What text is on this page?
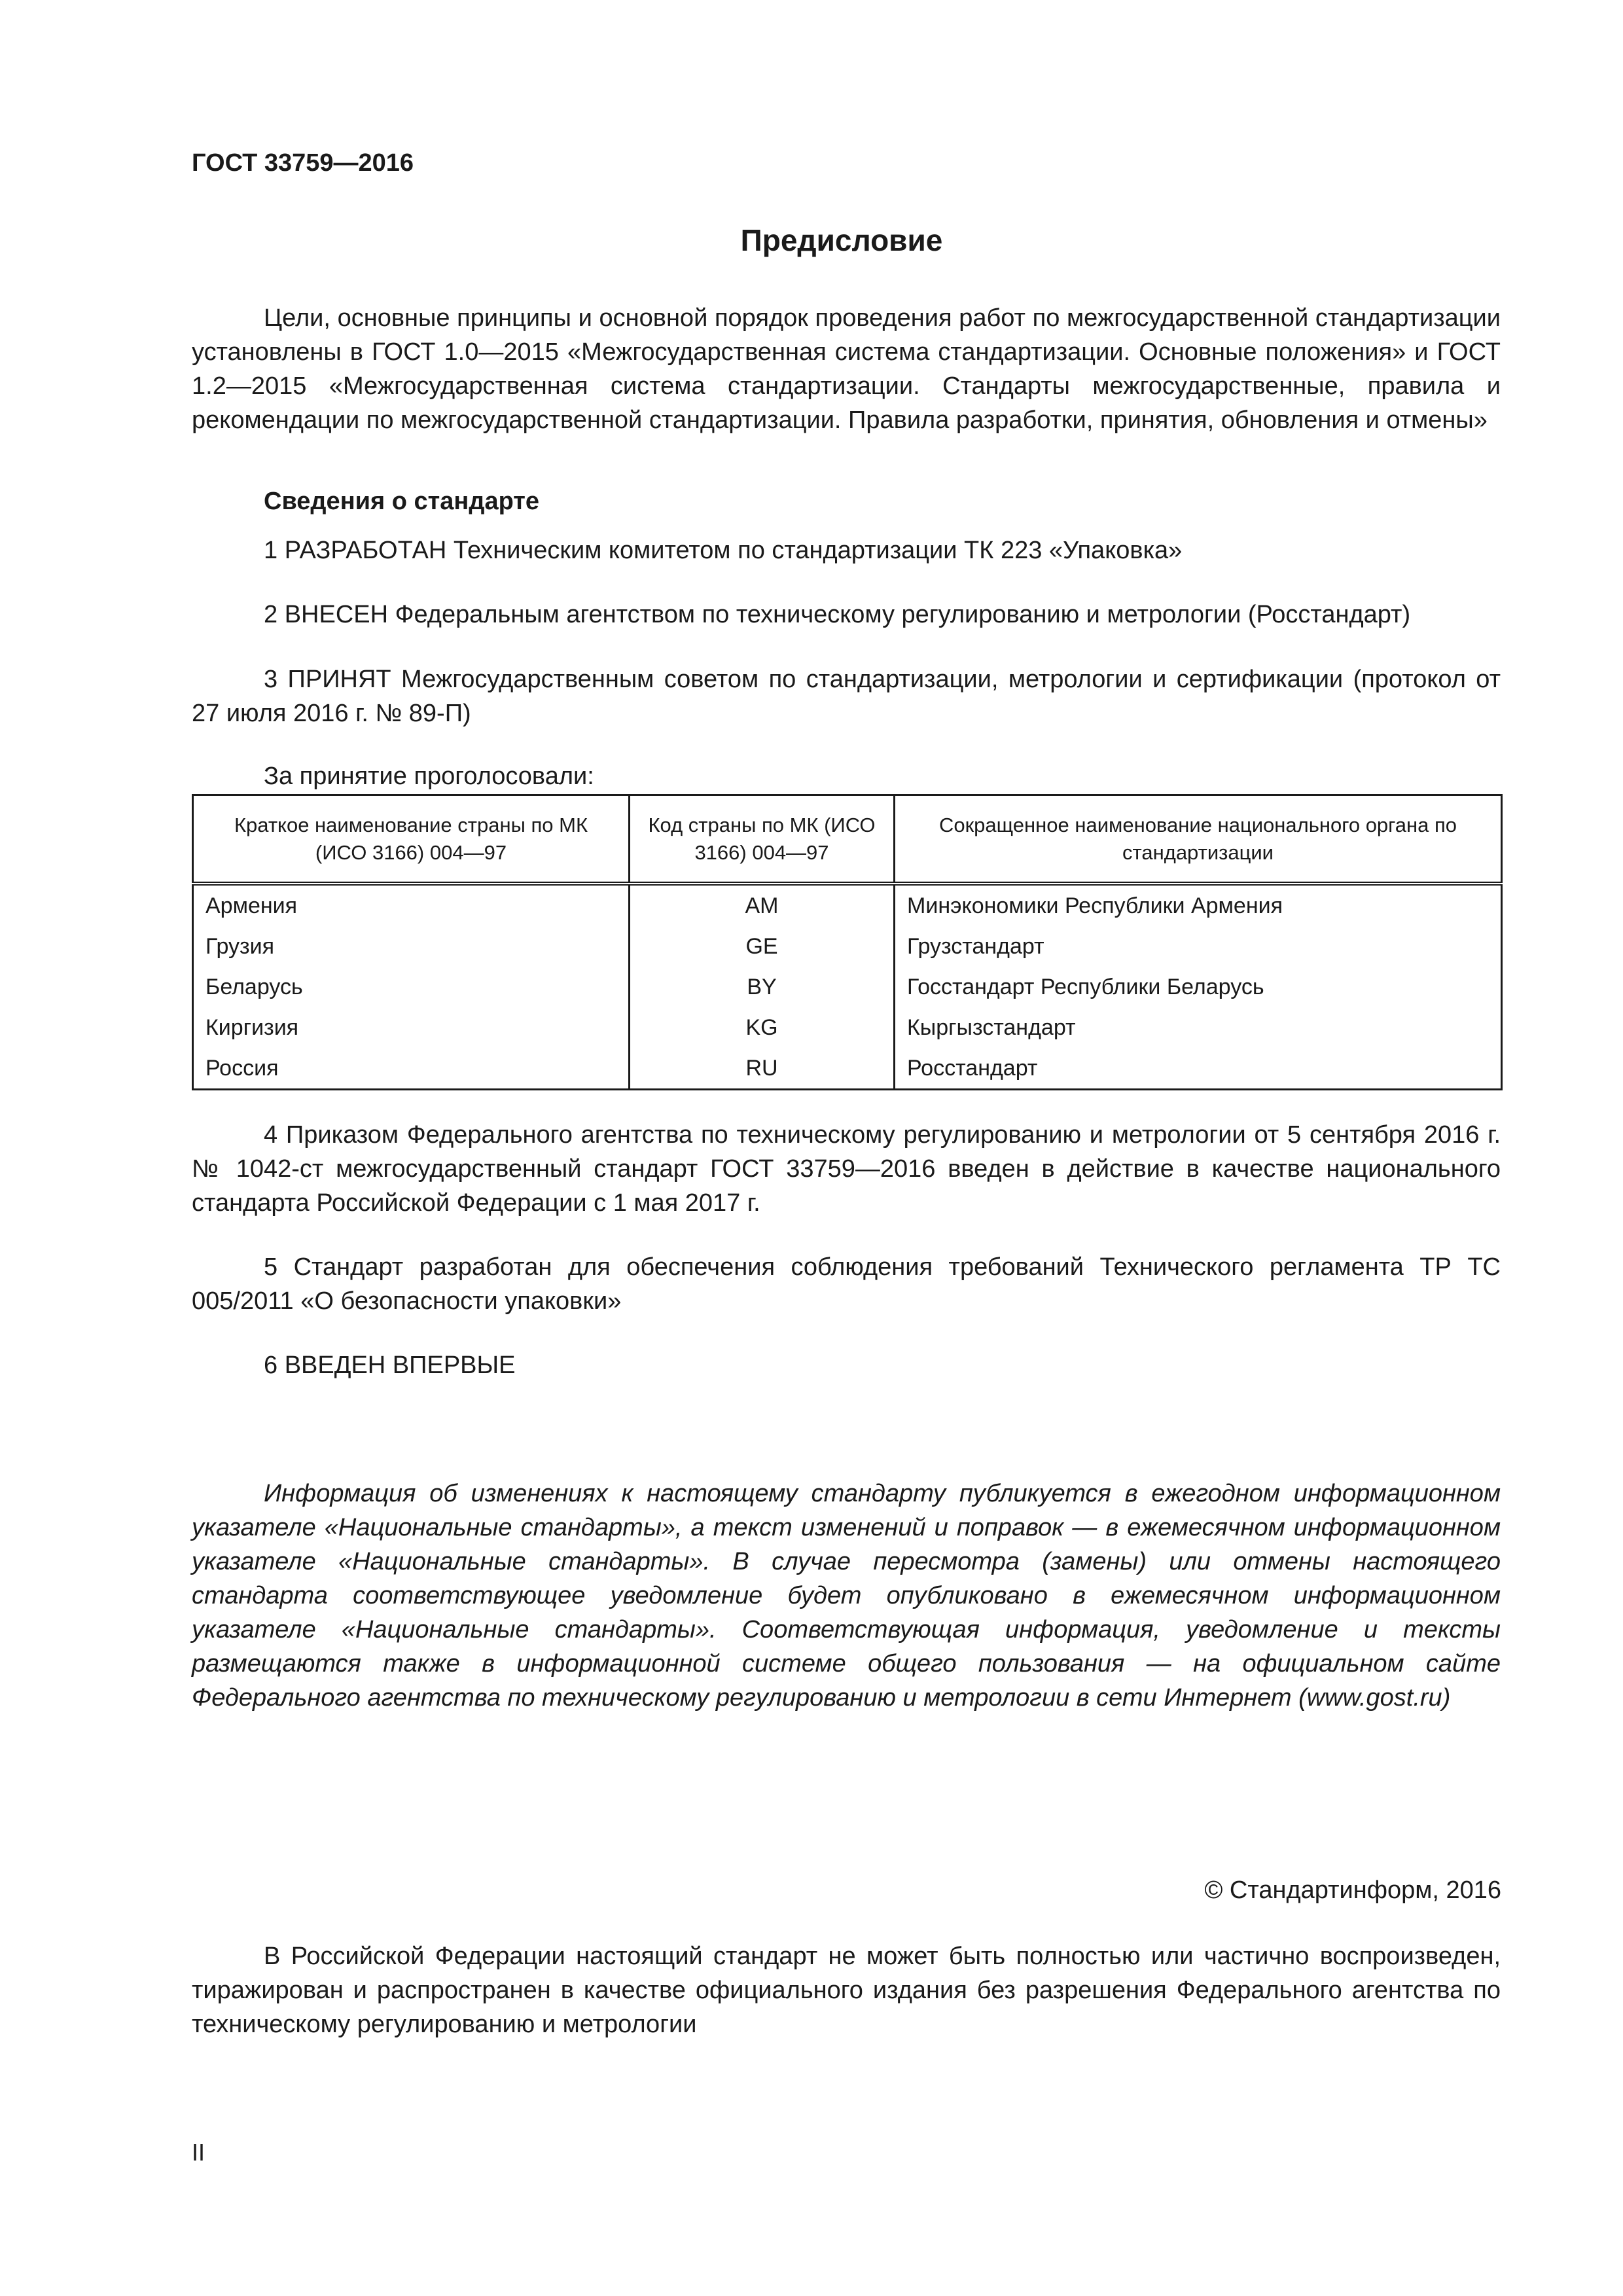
ГОСТ 33759—2016
Предисловие
Цели, основные принципы и основной порядок проведения работ по межгосударственной стандартизации установлены в ГОСТ 1.0—2015 «Межгосударственная система стандартизации. Основные положения» и ГОСТ 1.2—2015 «Межгосударственная система стандартизации. Стандарты межгосударственные, правила и рекомендации по межгосударственной стандартизации. Правила разработки, принятия, обновления и отмены»
Сведения о стандарте
1 РАЗРАБОТАН Техническим комитетом по стандартизации ТК 223 «Упаковка»
2 ВНЕСЕН Федеральным агентством по техническому регулированию и метрологии (Росстандарт)
3 ПРИНЯТ Межгосударственным советом по стандартизации, метрологии и сертификации (протокол от 27 июля 2016 г. № 89-П)
За принятие проголосовали:
Краткое наименование страны по МК (ИСО 3166) 004—97	Код страны по МК (ИСО 3166) 004—97	Сокращенное наименование национального органа по стандартизации
Армения	AM	Минэкономики Республики Армения
Грузия	GE	Грузстандарт
Беларусь	BY	Госстандарт Республики Беларусь
Киргизия	KG	Кыргызстандарт
Россия	RU	Росстандарт
4 Приказом Федерального агентства по техническому регулированию и метрологии от 5 сентября 2016 г. № 1042-ст межгосударственный стандарт ГОСТ 33759—2016 введен в действие в качестве национального стандарта Российской Федерации с 1 мая 2017 г.
5 Стандарт разработан для обеспечения соблюдения требований Технического регламента ТР ТС 005/2011 «О безопасности упаковки»
6 ВВЕДЕН ВПЕРВЫЕ
Информация об изменениях к настоящему стандарту публикуется в ежегодном информационном указателе «Национальные стандарты», а текст изменений и поправок — в ежемесячном информационном указателе «Национальные стандарты». В случае пересмотра (замены) или отмены настоящего стандарта соответствующее уведомление будет опубликовано в ежемесячном информационном указателе «Национальные стандарты». Соответствующая информация, уведомление и тексты размещаются также в информационной системе общего пользования — на официальном сайте Федерального агентства по техническому регулированию и метрологии в сети Интернет (www.gost.ru)
© Стандартинформ, 2016
В Российской Федерации настоящий стандарт не может быть полностью или частично воспроизведен, тиражирован и распространен в качестве официального издания без разрешения Федерального агентства по техническому регулированию и метрологии
II
